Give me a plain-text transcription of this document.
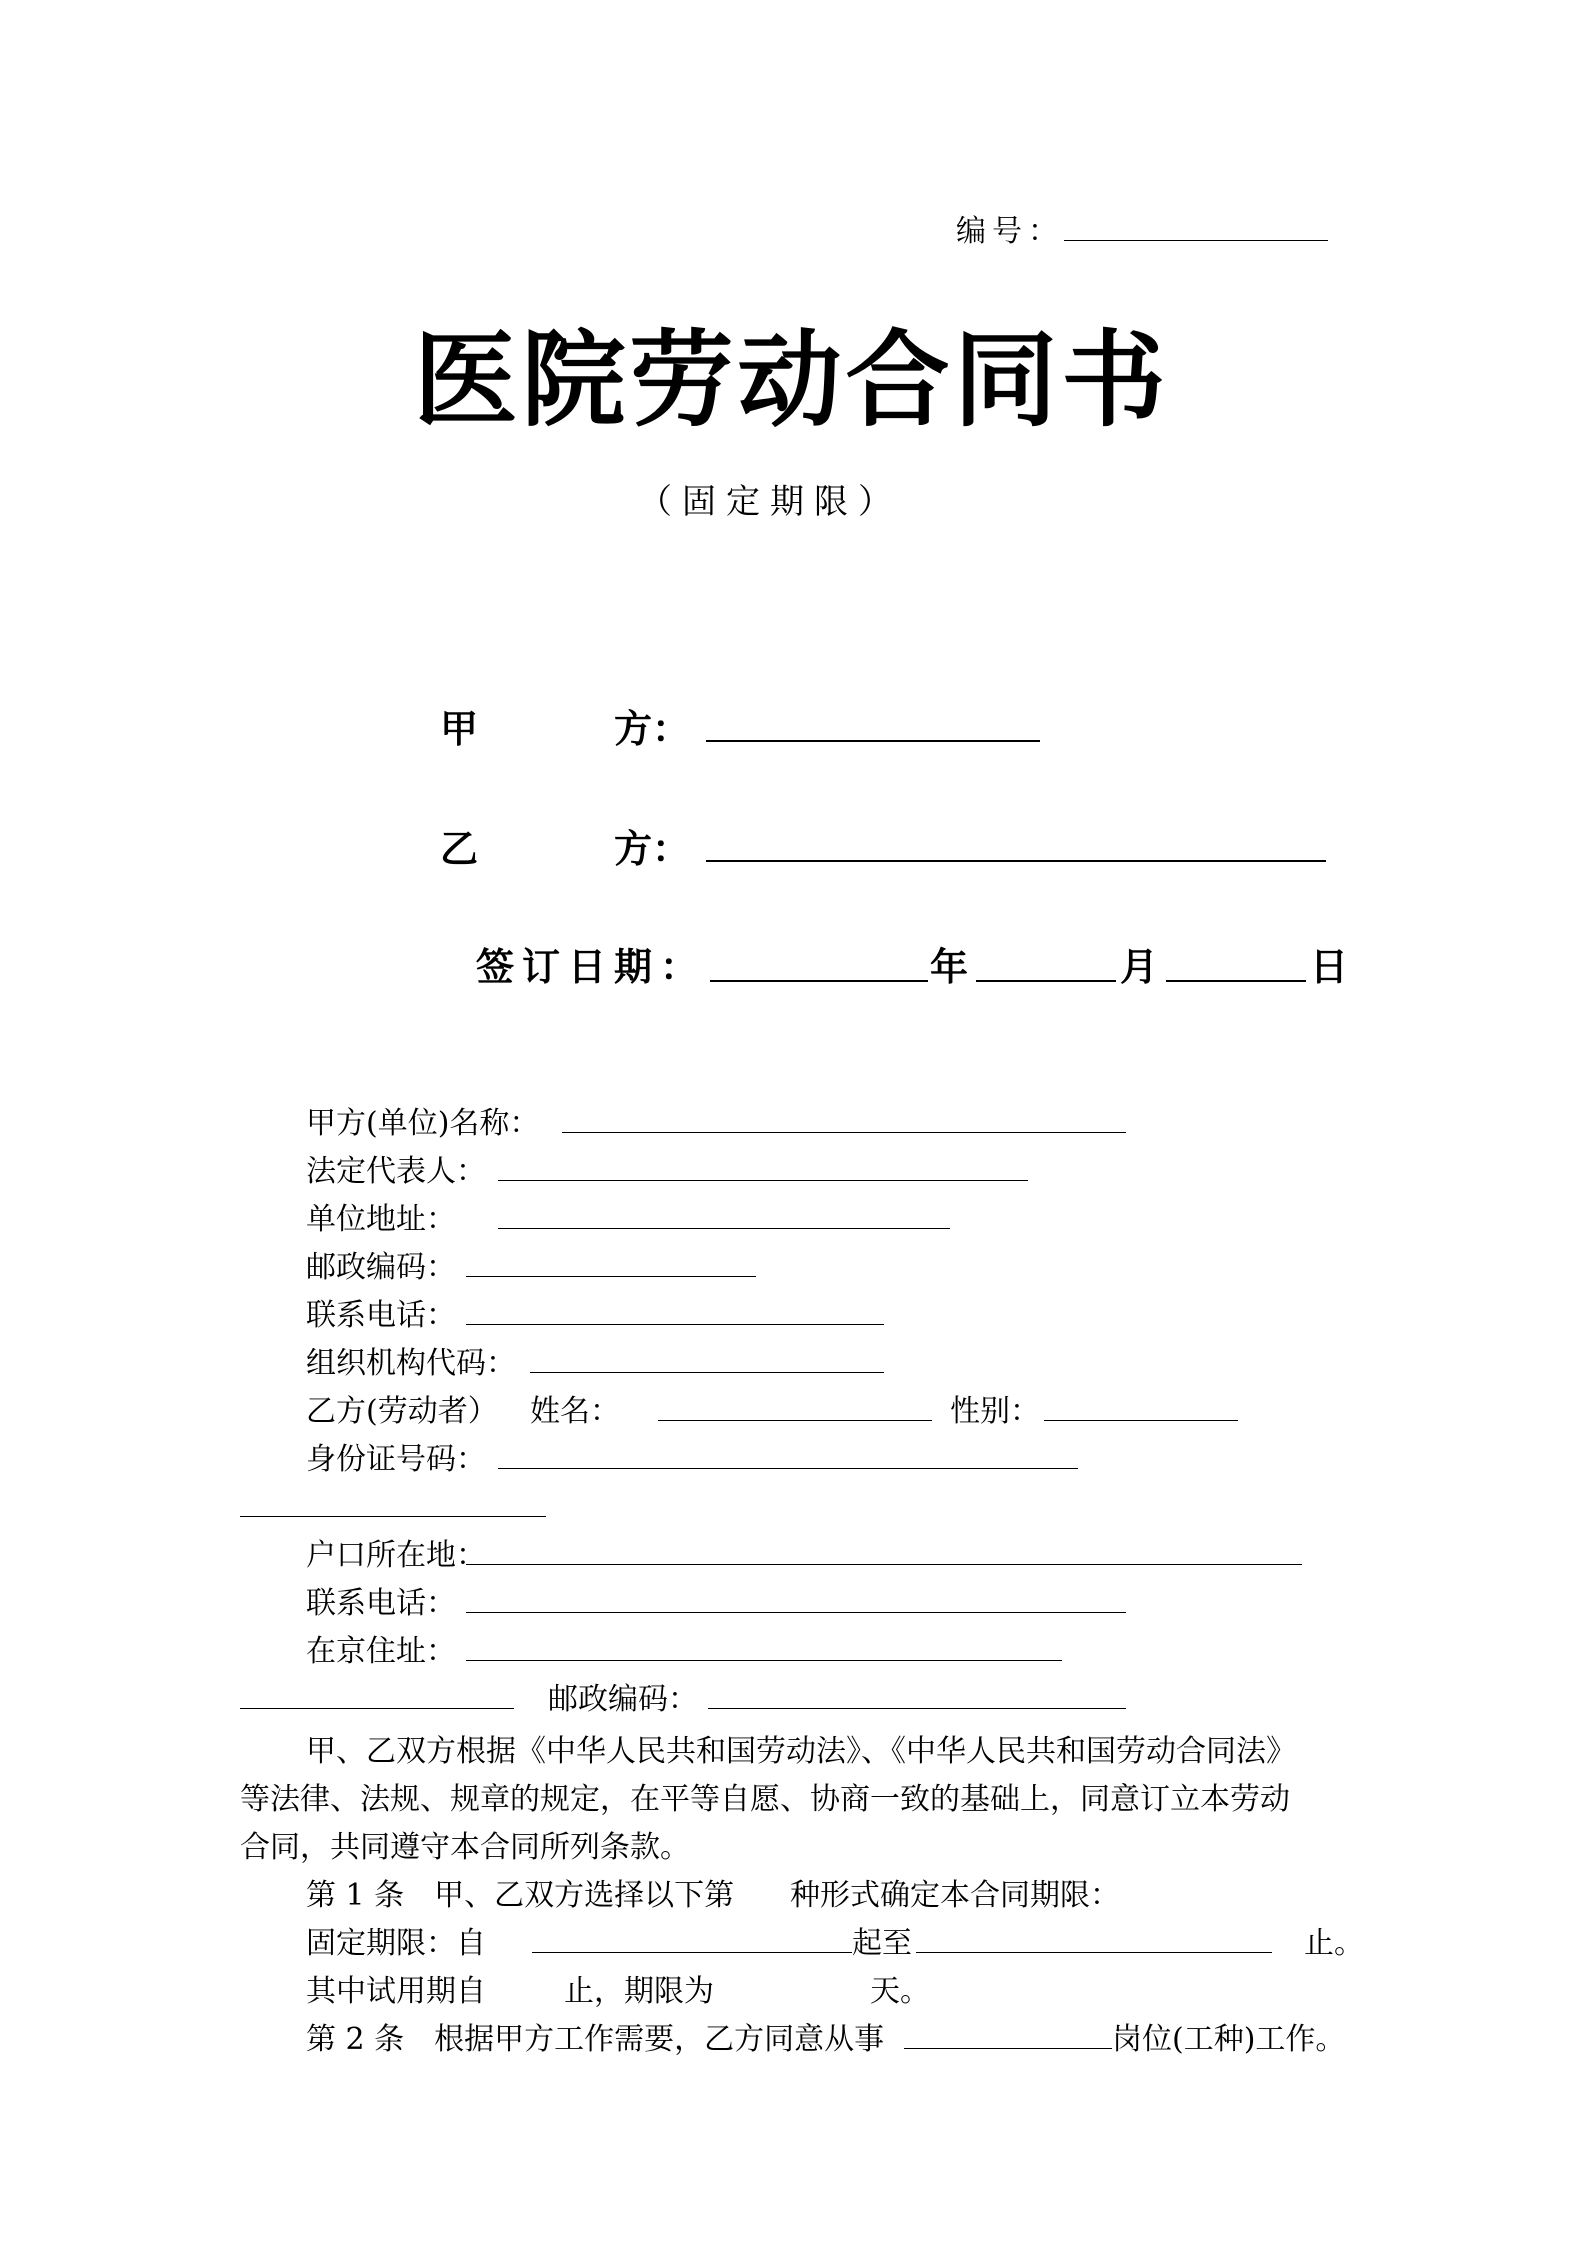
编号：
医院劳动合同书
（固定期限）
甲	方：
乙	方：
签订日期：	年	月	日
甲方(单位)名称：
法定代表人：
单位地址：
邮政编码：
联系电话：
组织机构代码：
乙方(劳动者） 姓名：	性别：
身份证号码：
户口所在地：
联系电话：
在京住址：
邮政编码：
甲、乙双方根据《中华人民共和国劳动法》、《中华人民共和国劳动合同法》
等法律、法规、规章的规定，在平等自愿、协商一致的基础上，同意订立本劳动
合同，共同遵守本合同所列条款。
第 1 条　甲、乙双方选择以下第 种形式确定本合同期限：
固定期限：自	起至	止。
其中试用期自	止，期限为	天。
第 2 条　根据甲方工作需要，乙方同意从事	岗位(工种)工作。
